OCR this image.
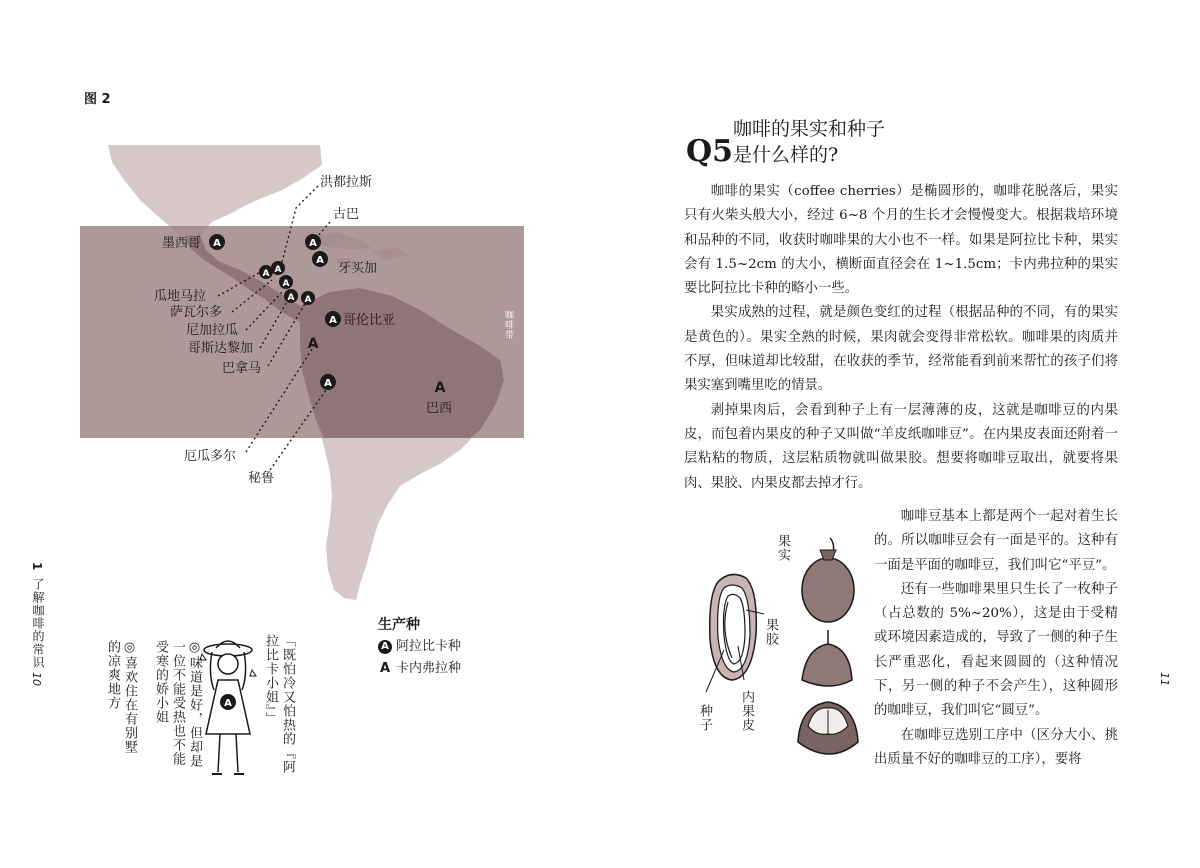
图 2
A	A
A
A A
A
A A
A
A
A
A
洪都拉斯
古巴
墨西哥
牙买加
瓜地马拉
萨瓦尔多
尼加拉瓜
哥斯达黎加
巴拿马
哥伦比亚
巴西
厄瓜多尔
秘鲁
咖啡带
生产种
A 阿拉比卡种
A 卡内弗拉种
1
了解咖啡的常识
10	◎喜欢住在有别墅的凉爽地方	◎味道是好，但却是一位不能受热也不能受寒的娇小姐	A	「既怕冷又怕热的『阿拉比卡小姐』」
Q5
咖啡的果实和种子
是什么样的?

咖啡的果实（coffee cherries）是椭圆形的，咖啡花脱落后，果实只有火柴头般大小，经过 6~8 个月的生长才会慢慢变大。根据栽培环境和品种的不同，收获时咖啡果的大小也不一样。如果是阿拉比卡种，果实会有 1.5~2cm 的大小，横断面直径会在 1~1.5cm；卡内弗拉种的果实要比阿拉比卡种的略小一些。

果实成熟的过程，就是颜色变红的过程（根据品种的不同，有的果实是黄色的）。果实全熟的时候，果肉就会变得非常松软。咖啡果的肉质并不厚，但味道却比较甜，在收获的季节，经常能看到前来帮忙的孩子们将果实塞到嘴里吃的情景。

剥掉果肉后，会看到种子上有一层薄薄的皮，这就是咖啡豆的内果皮，而包着内果皮的种子又叫做“羊皮纸咖啡豆”。在内果皮表面还附着一层粘粘的物质，这层粘质物就叫做果胶。想要将咖啡豆取出，就要将果肉、果胶、内果皮都去掉才行。

咖啡豆基本上都是两个一起对着生长的。所以咖啡豆会有一面是平的。这种有一面是平面的咖啡豆，我们叫它“平豆”。

还有一些咖啡果里只生长了一枚种子（占总数的 5%~20%），这是由于受精或环境因素造成的，导致了一侧的种子生长严重恶化，看起来圆圆的（这种情况下，另一侧的种子不会产生），这种圆形的咖啡豆，我们叫它“圆豆”。

在咖啡豆选别工序中（区分大小、挑出质量不好的咖啡豆的工序），要将

果实
果胶
种子 内果皮
11
